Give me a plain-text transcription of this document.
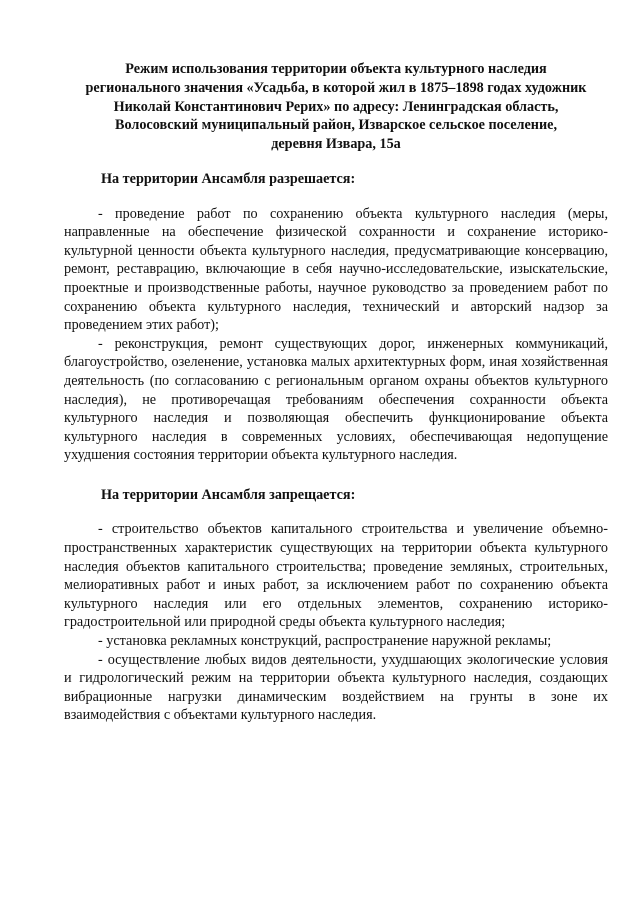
Режим использования территории объекта культурного наследия
регионального значения «Усадьба, в которой жил в 1875–1898 годах художник
Николай Константинович Рерих» по адресу: Ленинградская область,
Волосовский муниципальный район, Изварское сельское поселение,
деревня Извара, 15а

На территории Ансамбля разрешается:

- проведение работ по сохранению объекта культурного наследия (меры, направленные на обеспечение физической сохранности и сохранение историко-культурной ценности объекта культурного наследия, предусматривающие консервацию, ремонт, реставрацию, включающие в себя научно-исследовательские, изыскательские, проектные и производственные работы, научное руководство за проведением работ по сохранению объекта культурного наследия, технический и авторский надзор за проведением этих работ);

- реконструкция, ремонт существующих дорог, инженерных коммуникаций, благоустройство, озеленение, установка малых архитектурных форм, иная хозяйственная деятельность (по согласованию с региональным органом охраны объектов культурного наследия), не противоречащая требованиям обеспечения сохранности объекта культурного наследия и позволяющая обеспечить функционирование объекта культурного наследия в современных условиях, обеспечивающая недопущение ухудшения состояния территории объекта культурного наследия.

На территории Ансамбля запрещается:

- строительство объектов капитального строительства и увеличение объемно-пространственных характеристик существующих на территории объекта культурного наследия объектов капитального строительства; проведение земляных, строительных, мелиоративных работ и иных работ, за исключением работ по сохранению объекта культурного наследия или его отдельных элементов, сохранению историко-градостроительной или природной среды объекта культурного наследия;

- установка рекламных конструкций, распространение наружной рекламы;

- осуществление любых видов деятельности, ухудшающих экологические условия и гидрологический режим на территории объекта культурного наследия, создающих вибрационные нагрузки динамическим воздействием на грунты в зоне их взаимодействия с объектами культурного наследия.
